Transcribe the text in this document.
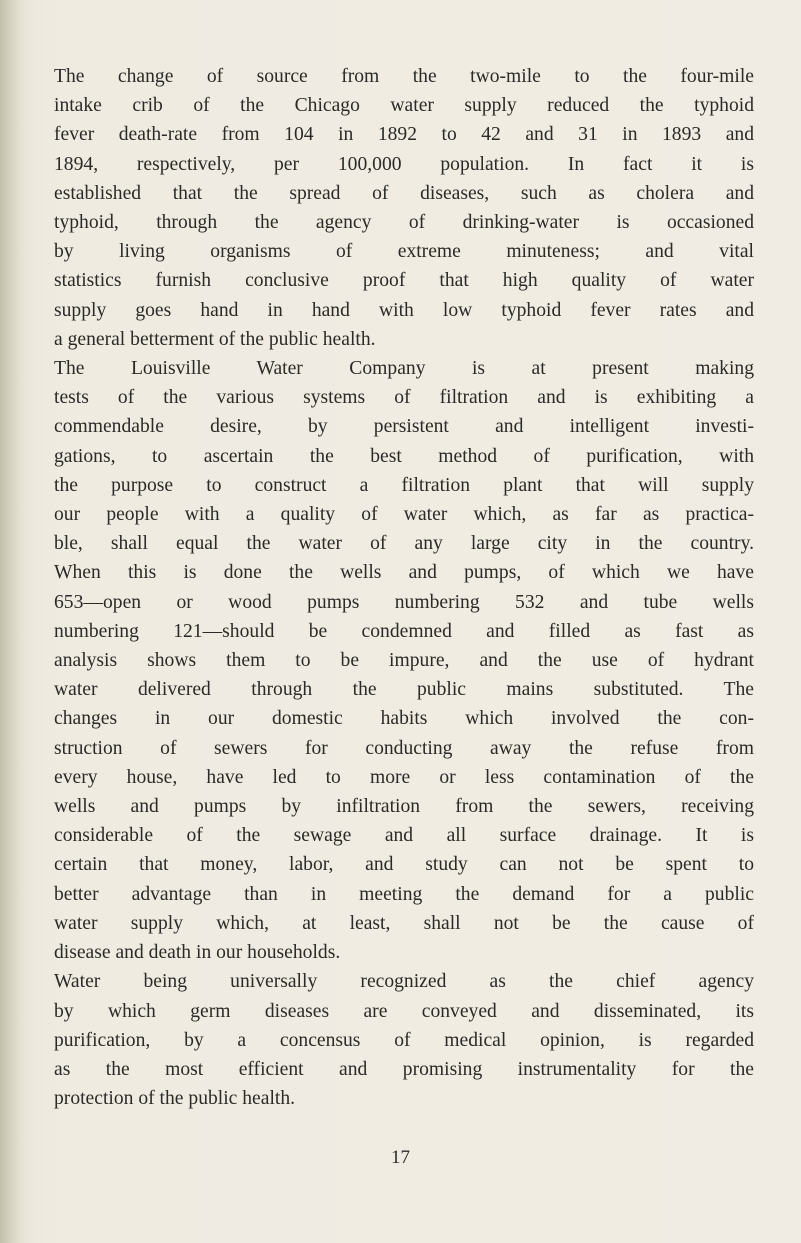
The change of source from the two-mile to the four-mile
intake crib of the Chicago water supply reduced the typhoid
fever death-rate from 104 in 1892 to 42 and 31 in 1893 and
1894, respectively, per 100,000 population. In fact it is
established that the spread of diseases, such as cholera and
typhoid, through the agency of drinking-water is occasioned
by living organisms of extreme minuteness; and vital
statistics furnish conclusive proof that high quality of water
supply goes hand in hand with low typhoid fever rates and
a general betterment of the public health.

The Louisville Water Company is at present making
tests of the various systems of filtration and is exhibiting a
commendable desire, by persistent and intelligent investi-
gations, to ascertain the best method of purification, with
the purpose to construct a filtration plant that will supply
our people with a quality of water which, as far as practica-
ble, shall equal the water of any large city in the country.
When this is done the wells and pumps, of which we have
653—open or wood pumps numbering 532 and tube wells
numbering 121—should be condemned and filled as fast as
analysis shows them to be impure, and the use of hydrant
water delivered through the public mains substituted. The
changes in our domestic habits which involved the con-
struction of sewers for conducting away the refuse from
every house, have led to more or less contamination of the
wells and pumps by infiltration from the sewers, receiving
considerable of the sewage and all surface drainage. It is
certain that money, labor, and study can not be spent to
better advantage than in meeting the demand for a public
water supply which, at least, shall not be the cause of
disease and death in our households.

Water being universally recognized as the chief agency
by which germ diseases are conveyed and disseminated, its
purification, by a concensus of medical opinion, is regarded
as the most efficient and promising instrumentality for the
protection of the public health.

17
